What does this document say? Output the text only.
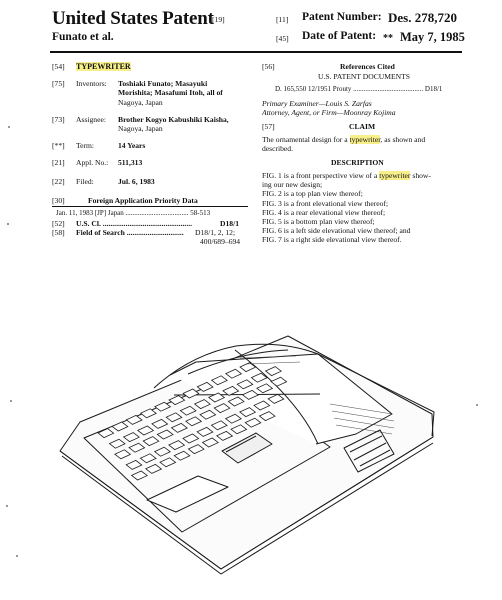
United States Patent
[19]
Funato et al.
[11] Patent Number: Des. 278,720
[45] Date of Patent: ** May 7, 1985
[54] TYPEWRITER
[75] Inventors: Toshiaki Funato; Masayuki
Morishita; Masafumi Itoh, all of
Nagoya, Japan
[73] Assignee: Brother Kogyo Kabushiki Kaisha,
Nagoya, Japan
[**] Term:	14 Years
[21] Appl. No.: 511,313
[22] Filed:	Jul. 6, 1983
[30]	Foreign Application Priority Data
Jan. 11, 1983 [JP] Japan .................................... 58-513
[52] U.S. Cl. ...............................................	D18/1
[58] Field of Search .............................. D18/1, 2, 12;
400/689–694
[56]	References Cited
U.S. PATENT DOCUMENTS
D. 165,550 12/1951 Prouty ........................................ D18/1
Primary Examiner—Louis S. Zarfas
Attorney, Agent, or Firm—Moonray Kojima
[57]	CLAIM
The ornamental design for a typewriter, as shown and
described.
DESCRIPTION
FIG. 1 is a front perspective view of a typewriter show-
ing our new design;
FIG. 2 is a top plan view thereof;
FIG. 3 is a front elevational view thereof;
FIG. 4 is a rear elevational view thereof;
FIG. 5 is a bottom plan view thereof;
FIG. 6 is a left side elevational view thereof; and
FIG. 7 is a right side elevational view thereof.
